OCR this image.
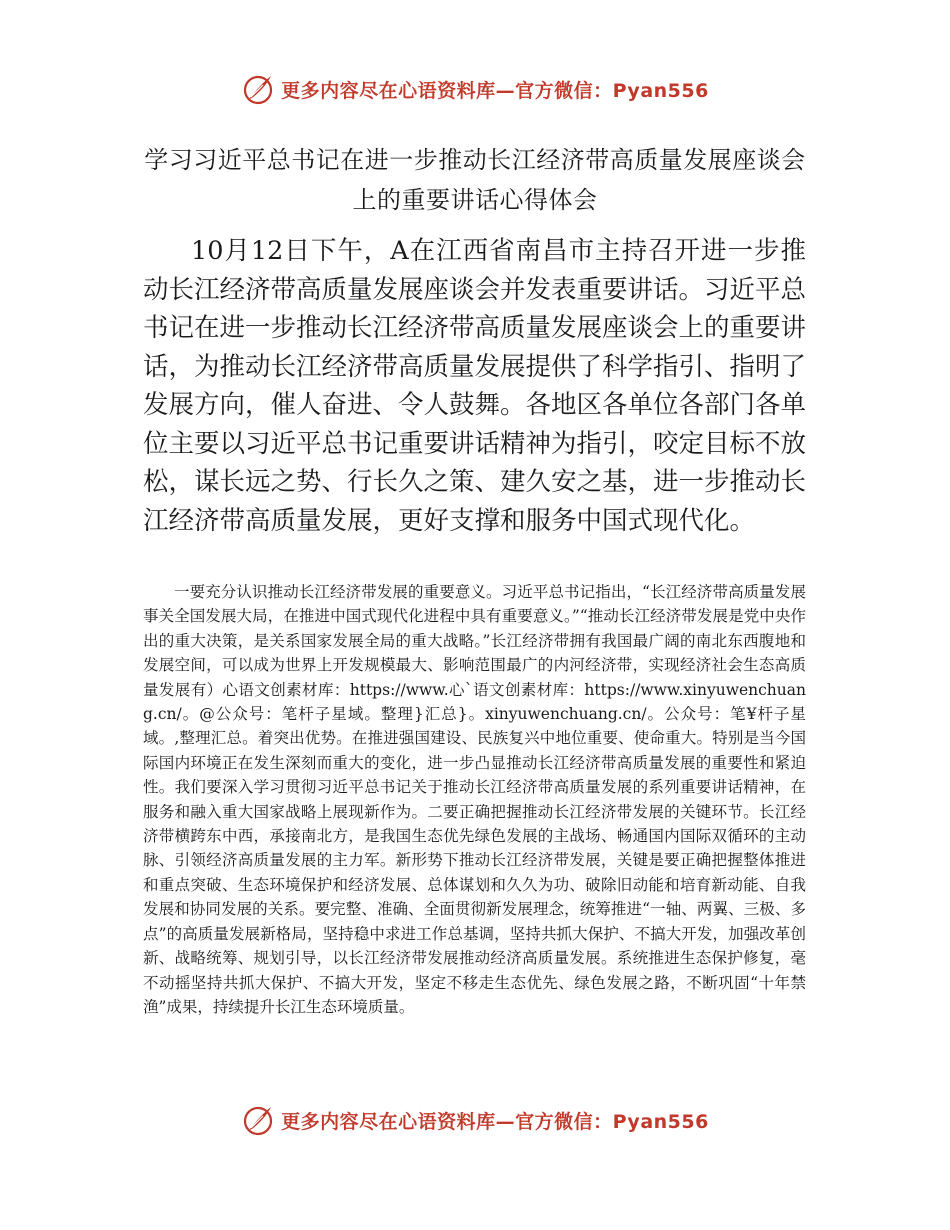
更多内容尽在心语资料库—官方微信：Pyan556
学习习近平总书记在进一步推动长江经济带高质量发展座谈会
上的重要讲话心得体会
10月12日下午，A在江西省南昌市主持召开进一步推动长江经济带高质量发展座谈会并发表重要讲话。习近平总书记在进一步推动长江经济带高质量发展座谈会上的重要讲话，为推动长江经济带高质量发展提供了科学指引、指明了发展方向，催人奋进、令人鼓舞。各地区各单位各部门各单位主要以习近平总书记重要讲话精神为指引，咬定目标不放松，谋长远之势、行长久之策、建久安之基，进一步推动长江经济带高质量发展，更好支撑和服务中国式现代化。
一要充分认识推动长江经济带发展的重要意义。习近平总书记指出，“长江经济带高质量发展事关全国发展大局，在推进中国式现代化进程中具有重要意义。”“推动长江经济带发展是党中央作出的重大决策，是关系国家发展全局的重大战略。”长江经济带拥有我国最广阔的南北东西腹地和发展空间，可以成为世界上开发规模最大、影响范围最广的内河经济带，实现经济社会生态高质量发展有）心语文创素材库：https://www.心`语文创素材库：https://www.xinyuwenchuang.cn/。@公众号：笔杆子星域。整理}汇总}。xinyuwenchuang.cn/。公众号：笔¥杆子星域。,整理汇总。着突出优势。在推进强国建设、民族复兴中地位重要、使命重大。特别是当今国际国内环境正在发生深刻而重大的变化，进一步凸显推动长江经济带高质量发展的重要性和紧迫性。我们要深入学习贯彻习近平总书记关于推动长江经济带高质量发展的系列重要讲话精神，在服务和融入重大国家战略上展现新作为。二要正确把握推动长江经济带发展的关键环节。长江经济带横跨东中西，承接南北方，是我国生态优先绿色发展的主战场、畅通国内国际双循环的主动脉、引领经济高质量发展的主力军。新形势下推动长江经济带发展，关键是要正确把握整体推进和重点突破、生态环境保护和经济发展、总体谋划和久久为功、破除旧动能和培育新动能、自我发展和协同发展的关系。要完整、准确、全面贯彻新发展理念，统筹推进“一轴、两翼、三极、多点”的高质量发展新格局，坚持稳中求进工作总基调，坚持共抓大保护、不搞大开发，加强改革创新、战略统筹、规划引导，以长江经济带发展推动经济高质量发展。系统推进生态保护修复，毫不动摇坚持共抓大保护、不搞大开发，坚定不移走生态优先、绿色发展之路，不断巩固“十年禁渔”成果，持续提升长江生态环境质量。
更多内容尽在心语资料库—官方微信：Pyan556
